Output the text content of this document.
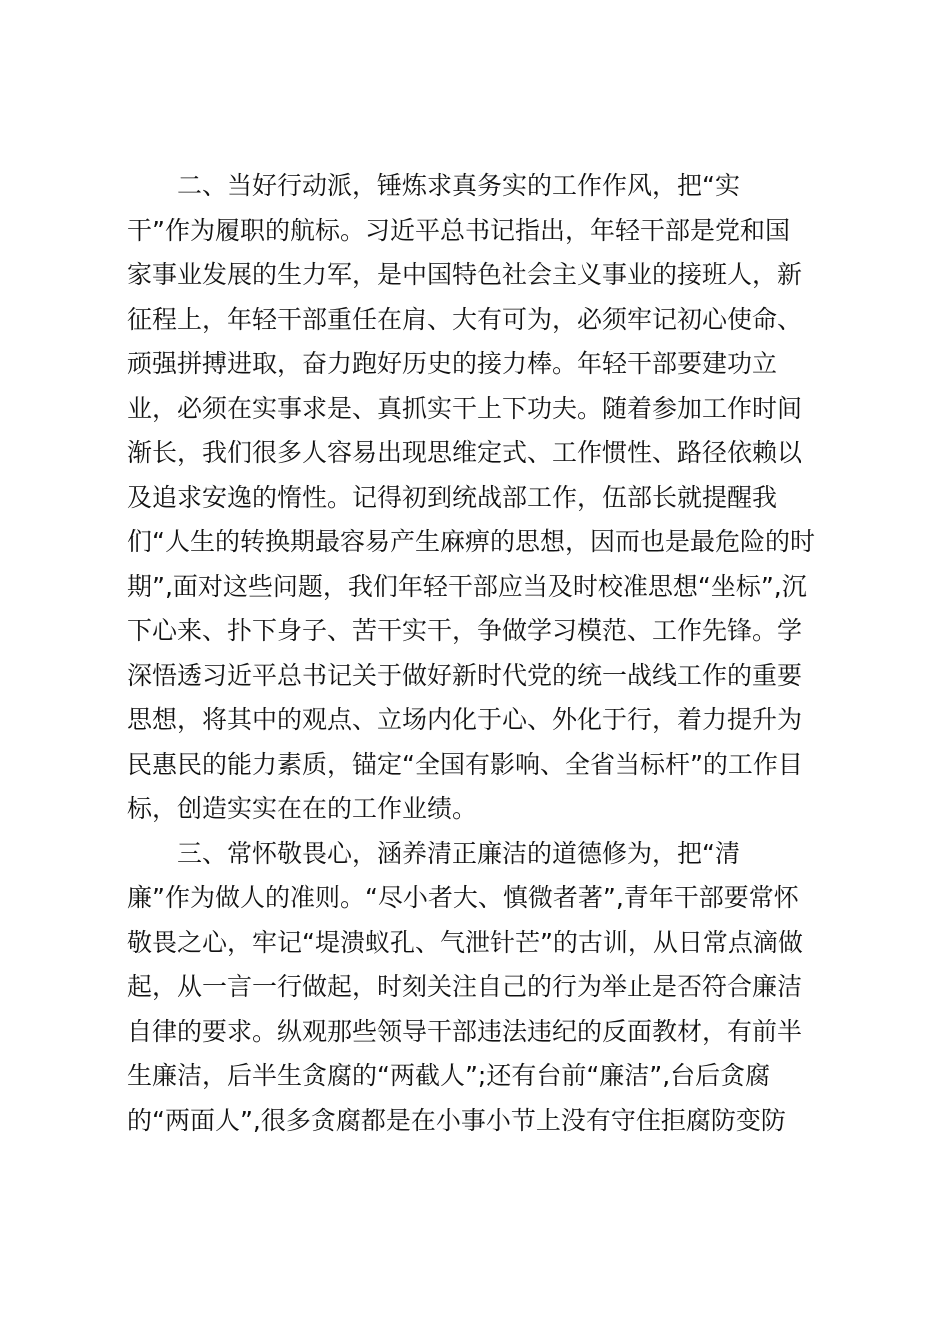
二、当好行动派，锤炼求真务实的工作作风，把“实
干”作为履职的航标。习近平总书记指出，年轻干部是党和国
家事业发展的生力军，是中国特色社会主义事业的接班人，新
征程上，年轻干部重任在肩、大有可为，必须牢记初心使命、
顽强拼搏进取，奋力跑好历史的接力棒。年轻干部要建功立
业，必须在实事求是、真抓实干上下功夫。随着参加工作时间
渐长，我们很多人容易出现思维定式、工作惯性、路径依赖以
及追求安逸的惰性。记得初到统战部工作，伍部长就提醒我
们“人生的转换期最容易产生麻痹的思想，因而也是最危险的时
期”,面对这些问题，我们年轻干部应当及时校准思想“坐标”,沉
下心来、扑下身子、苦干实干，争做学习模范、工作先锋。学
深悟透习近平总书记关于做好新时代党的统一战线工作的重要
思想，将其中的观点、立场内化于心、外化于行，着力提升为
民惠民的能力素质，锚定“全国有影响、全省当标杆”的工作目
标，创造实实在在的工作业绩。
三、常怀敬畏心，涵养清正廉洁的道德修为，把“清
廉”作为做人的准则。“尽小者大、慎微者著”,青年干部要常怀
敬畏之心，牢记“堤溃蚁孔、气泄针芒”的古训，从日常点滴做
起，从一言一行做起，时刻关注自己的行为举止是否符合廉洁
自律的要求。纵观那些领导干部违法违纪的反面教材，有前半
生廉洁，后半生贪腐的“两截人”;还有台前“廉洁”,台后贪腐
的“两面人”,很多贪腐都是在小事小节上没有守住拒腐防变防
